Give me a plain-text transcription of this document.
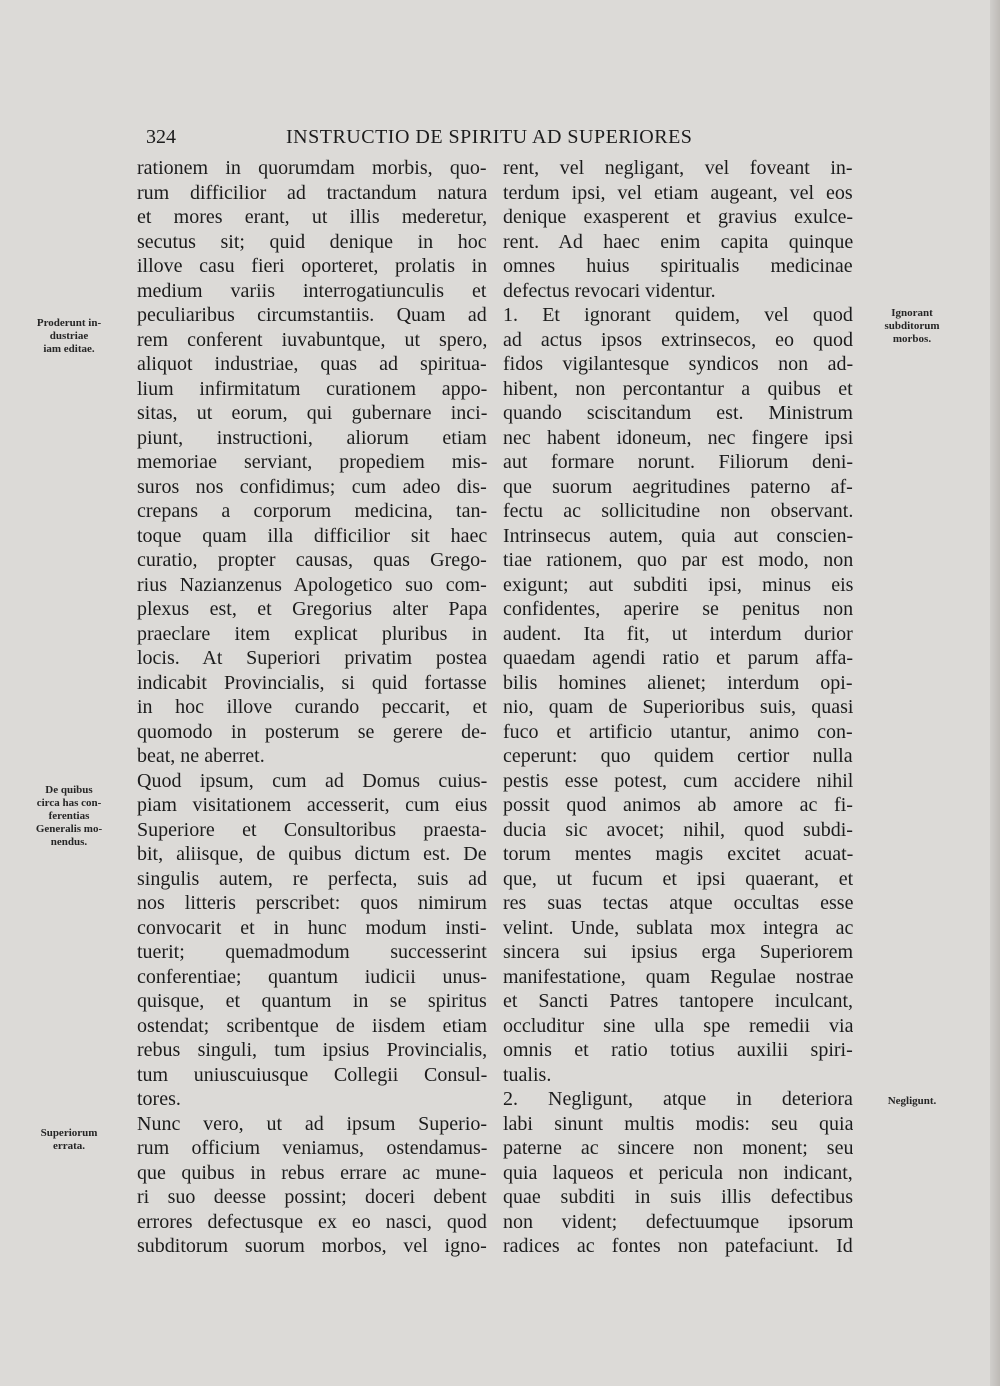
324	INSTRUCTIO DE SPIRITU AD SUPERIORES
rationem in quorumdam morbis, quo-
rum difficilior ad tractandum natura
et mores erant, ut illis mederetur,
secutus sit; quid denique in hoc
illove casu fieri oporteret, prolatis in
medium variis interrogatiunculis et
peculiaribus circumstantiis. Quam ad
rem conferent iuvabuntque, ut spero,
aliquot industriae, quas ad spiritua-
lium infirmitatum curationem appo-
sitas, ut eorum, qui gubernare inci-
piunt, instructioni, aliorum etiam
memoriae serviant, propediem mis-
suros nos confidimus; cum adeo dis-
crepans a corporum medicina, tan-
toque quam illa difficilior sit haec
curatio, propter causas, quas Grego-
rius Nazianzenus Apologetico suo com-
plexus est, et Gregorius alter Papa
praeclare item explicat pluribus in
locis. At Superiori privatim postea
indicabit Provincialis, si quid fortasse
in hoc illove curando peccarit, et
quomodo in posterum se gerere de-
beat, ne aberret.
Quod ipsum, cum ad Domus cuius-
piam visitationem accesserit, cum eius
Superiore et Consultoribus praesta-
bit, aliisque, de quibus dictum est. De
singulis autem, re perfecta, suis ad
nos litteris perscribet: quos nimirum
convocarit et in hunc modum insti-
tuerit; quemadmodum successerint
conferentiae; quantum iudicii unus-
quisque, et quantum in se spiritus
ostendat; scribentque de iisdem etiam
rebus singuli, tum ipsius Provincialis,
tum uniuscuiusque Collegii Consul-
tores.
Nunc vero, ut ad ipsum Superio-
rum officium veniamus, ostendamus-
que quibus in rebus errare ac mune-
ri suo deesse possint; doceri debent
errores defectusque ex eo nasci, quod
subditorum suorum morbos, vel igno-
rent, vel negligant, vel foveant in-
terdum ipsi, vel etiam augeant, vel eos
denique exasperent et gravius exulce-
rent. Ad haec enim capita quinque
omnes huius spiritualis medicinae
defectus revocari videntur.
1. Et ignorant quidem, vel quod
ad actus ipsos extrinsecos, eo quod
fidos vigilantesque syndicos non ad-
hibent, non percontantur a quibus et
quando sciscitandum est. Ministrum
nec habent idoneum, nec fingere ipsi
aut formare norunt. Filiorum deni-
que suorum aegritudines paterno af-
fectu ac sollicitudine non observant.
Intrinsecus autem, quia aut conscien-
tiae rationem, quo par est modo, non
exigunt; aut subditi ipsi, minus eis
confidentes, aperire se penitus non
audent. Ita fit, ut interdum durior
quaedam agendi ratio et parum affa-
bilis homines alienet; interdum opi-
nio, quam de Superioribus suis, quasi
fuco et artificio utantur, animo con-
ceperunt: quo quidem certior nulla
pestis esse potest, cum accidere nihil
possit quod animos ab amore ac fi-
ducia sic avocet; nihil, quod subdi-
torum mentes magis excitet acuat-
que, ut fucum et ipsi quaerant, et
res suas tectas atque occultas esse
velint. Unde, sublata mox integra ac
sincera sui ipsius erga Superiorem
manifestatione, quam Regulae nostrae
et Sancti Patres tantopere inculcant,
occluditur sine ulla spe remedii via
omnis et ratio totius auxilii spiri-
tualis.
2. Negligunt, atque in deteriora
labi sinunt multis modis: seu quia
paterne ac sincere non monent; seu
quia laqueos et pericula non indicant,
quae subditi in suis illis defectibus
non vident; defectuumque ipsorum
radices ac fontes non patefaciunt. Id
Proderunt in-
dustriae
iam editae.
De quibus
circa has con-
ferentias
Generalis mo-
nendus.
Superiorum
errata.
Ignorant
subditorum
morbos.
Negligunt.
